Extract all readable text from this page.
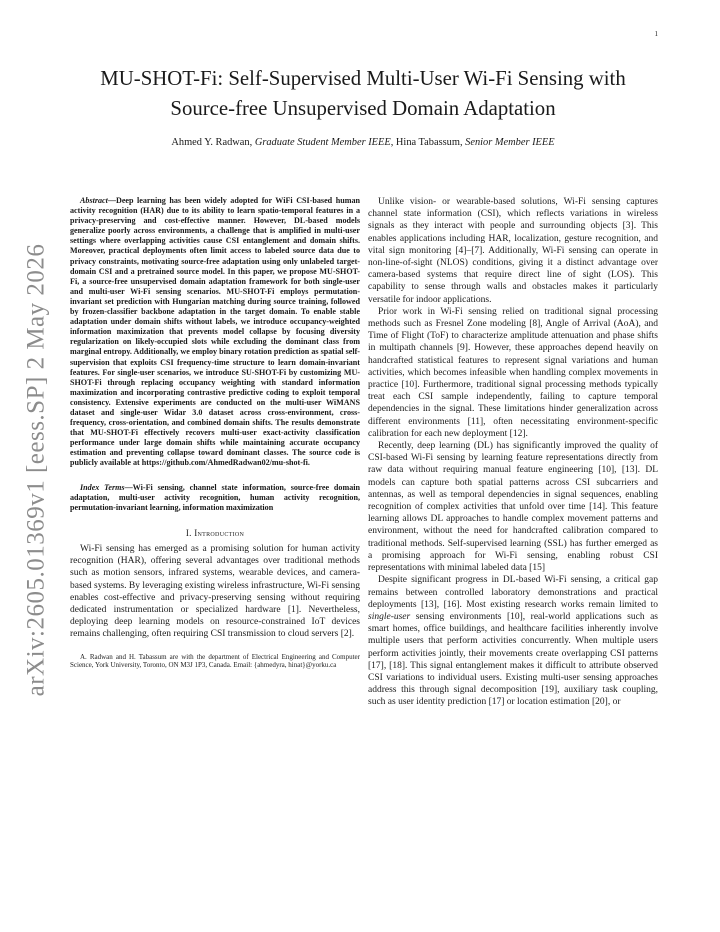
1
arXiv:2605.01369v1 [eess.SP] 2 May 2026
MU-SHOT-Fi: Self-Supervised Multi-User Wi-Fi Sensing with
Source-free Unsupervised Domain Adaptation
Ahmed Y. Radwan, Graduate Student Member IEEE, Hina Tabassum, Senior Member IEEE

Abstract—Deep learning has been widely adopted for WiFi CSI-based human activity recognition (HAR) due to its ability to learn spatio-temporal features in a privacy-preserving and cost-effective manner. However, DL-based models generalize poorly across environments, a challenge that is amplified in multi-user settings where overlapping activities cause CSI entanglement and domain shifts. Moreover, practical deployments often limit access to labeled source data due to privacy constraints, motivating source-free adaptation using only unlabeled target-domain CSI and a pretrained source model. In this paper, we propose MU-SHOT-Fi, a source-free unsupervised domain adaptation framework for both single-user and multi-user Wi-Fi sensing scenarios. MU-SHOT-Fi employs permutation-invariant set prediction with Hungarian matching during source training, followed by frozen-classifier backbone adaptation in the target domain. To enable stable adaptation under domain shifts without labels, we introduce occupancy-weighted information maximization that prevents model collapse by focusing diversity regularization on likely-occupied slots while excluding the dominant class from marginal entropy. Additionally, we employ binary rotation prediction as spatial self-supervision that exploits CSI frequency-time structure to learn domain-invariant features. For single-user scenarios, we introduce SU-SHOT-Fi by customizing MU-SHOT-Fi through replacing occupancy weighting with standard information maximization and incorporating contrastive predictive coding to exploit temporal consistency. Extensive experiments are conducted on the multi-user WiMANS dataset and single-user Widar 3.0 dataset across cross-environment, cross-frequency, cross-orientation, and combined domain shifts. The results demonstrate that MU-SHOT-Fi effectively recovers multi-user exact-activity classification performance under large domain shifts while maintaining accurate occupancy estimation and preventing collapse toward dominant classes. The source code is publicly available at https://github.com/AhmedRadwan02/mu-shot-fi.

Index Terms—Wi-Fi sensing, channel state information, source-free domain adaptation, multi-user activity recognition, human activity recognition, permutation-invariant learning, information maximization

I. Introduction

Wi-Fi sensing has emerged as a promising solution for human activity recognition (HAR), offering several advantages over traditional methods such as motion sensors, infrared systems, wearable devices, and camera-based systems. By leveraging existing wireless infrastructure, Wi-Fi sensing enables cost-effective and privacy-preserving sensing without requiring dedicated instrumentation or specialized hardware [1]. Nevertheless, deploying deep learning models on resource-constrained IoT devices remains challenging, often requiring CSI transmission to cloud servers [2].

A. Radwan and H. Tabassum are with the department of Electrical Engineering and Computer Science, York University, Toronto, ON M3J 1P3, Canada. Email: {ahmedyra, hinat}@yorku.ca

Unlike vision- or wearable-based solutions, Wi-Fi sensing captures channel state information (CSI), which reflects variations in wireless signals as they interact with people and surrounding objects [3]. This enables applications including HAR, localization, gesture recognition, and vital sign monitoring [4]–[7]. Additionally, Wi-Fi sensing can operate in non-line-of-sight (NLOS) conditions, giving it a distinct advantage over camera-based systems that require direct line of sight (LOS). This capability to sense through walls and obstacles makes it particularly versatile for indoor applications.

Prior work in Wi-Fi sensing relied on traditional signal processing methods such as Fresnel Zone modeling [8], Angle of Arrival (AoA), and Time of Flight (ToF) to characterize amplitude attenuation and phase shifts in multipath channels [9]. However, these approaches depend heavily on handcrafted statistical features to represent signal variations and human activities, which becomes infeasible when handling complex movements in practice [10]. Furthermore, traditional signal processing methods typically treat each CSI sample independently, failing to capture temporal dependencies in the signal. These limitations hinder generalization across different environments [11], often necessitating environment-specific calibration for each new deployment [12].

Recently, deep learning (DL) has significantly improved the quality of CSI-based Wi-Fi sensing by learning feature representations directly from raw data without requiring manual feature engineering [10], [13]. DL models can capture both spatial patterns across CSI subcarriers and antennas, as well as temporal dependencies in signal sequences, enabling recognition of complex activities that unfold over time [14]. This feature learning allows DL approaches to handle complex movement patterns and environment, without the need for handcrafted calibration compared to traditional methods. Self-supervised learning (SSL) has further emerged as a promising approach for Wi-Fi sensing, enabling robust CSI representations with minimal labeled data [15]

Despite significant progress in DL-based Wi-Fi sensing, a critical gap remains between controlled laboratory demonstrations and practical deployments [13], [16]. Most existing research works remain limited to single-user sensing environments [10], real-world applications such as smart homes, office buildings, and healthcare facilities inherently involve multiple users that perform activities concurrently. When multiple users perform activities jointly, their movements create overlapping CSI patterns [17], [18]. This signal entanglement makes it difficult to attribute observed CSI variations to individual users. Existing multi-user sensing approaches address this through signal decomposition [19], auxiliary task coupling, such as user identity prediction [17] or location estimation [20], or
